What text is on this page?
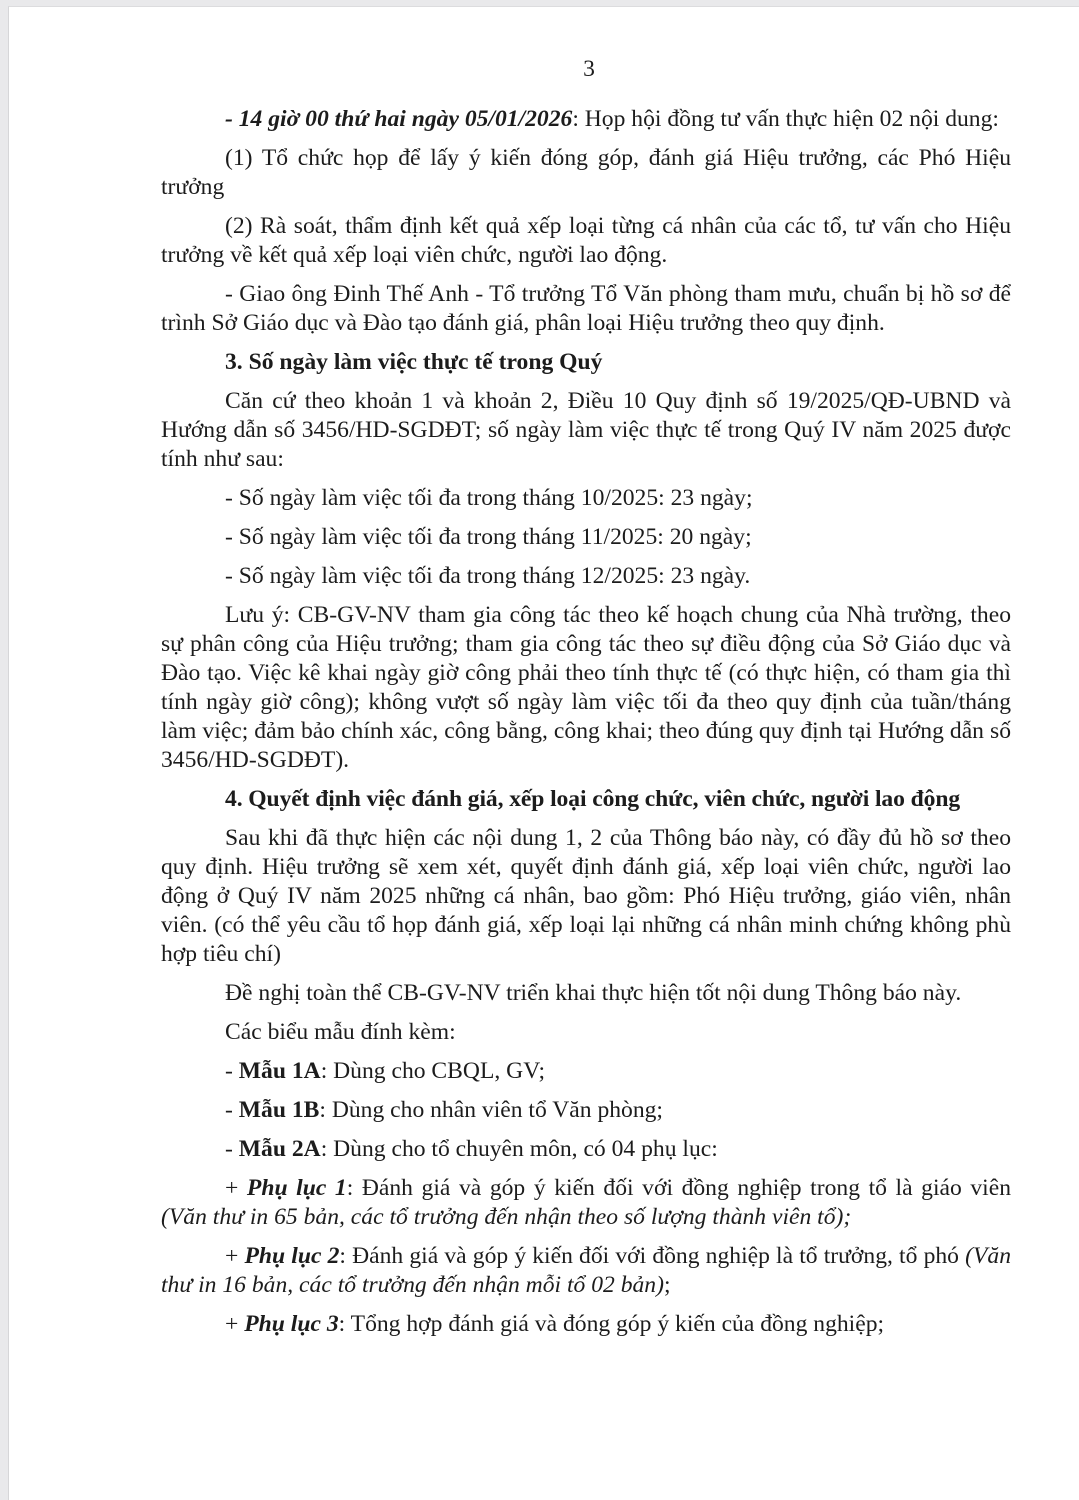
3

- 14 giờ 00 thứ hai ngày 05/01/2026: Họp hội đồng tư vấn thực hiện 02 nội dung:

(1) Tổ chức họp để lấy ý kiến đóng góp, đánh giá Hiệu trưởng, các Phó Hiệu trưởng

(2) Rà soát, thẩm định kết quả xếp loại từng cá nhân của các tổ, tư vấn cho Hiệu trưởng về kết quả xếp loại viên chức, người lao động.

- Giao ông Đinh Thế Anh - Tổ trưởng Tổ Văn phòng tham mưu, chuẩn bị hồ sơ để trình Sở Giáo dục và Đào tạo đánh giá, phân loại Hiệu trưởng theo quy định.

3. Số ngày làm việc thực tế trong Quý

Căn cứ theo khoản 1 và khoản 2, Điều 10 Quy định số 19/2025/QĐ-UBND và Hướng dẫn số 3456/HD-SGDĐT; số ngày làm việc thực tế trong Quý IV năm 2025 được tính như sau:

- Số ngày làm việc tối đa trong tháng 10/2025: 23 ngày;

- Số ngày làm việc tối đa trong tháng 11/2025: 20 ngày;

- Số ngày làm việc tối đa trong tháng 12/2025: 23 ngày.

Lưu ý: CB-GV-NV tham gia công tác theo kế hoạch chung của Nhà trường, theo sự phân công của Hiệu trưởng; tham gia công tác theo sự điều động của Sở Giáo dục và Đào tạo. Việc kê khai ngày giờ công phải theo tính thực tế (có thực hiện, có tham gia thì tính ngày giờ công); không vượt số ngày làm việc tối đa theo quy định của tuần/tháng làm việc; đảm bảo chính xác, công bằng, công khai; theo đúng quy định tại Hướng dẫn số 3456/HD-SGDĐT).

4. Quyết định việc đánh giá, xếp loại công chức, viên chức, người lao động

Sau khi đã thực hiện các nội dung 1, 2 của Thông báo này, có đầy đủ hồ sơ theo quy định. Hiệu trưởng sẽ xem xét, quyết định đánh giá, xếp loại viên chức, người lao động ở Quý IV năm 2025 những cá nhân, bao gồm: Phó Hiệu trưởng, giáo viên, nhân viên. (có thể yêu cầu tổ họp đánh giá, xếp loại lại những cá nhân minh chứng không phù hợp tiêu chí)

Đề nghị toàn thể CB-GV-NV triển khai thực hiện tốt nội dung Thông báo này.

Các biểu mẫu đính kèm:

- Mẫu 1A: Dùng cho CBQL, GV;

- Mẫu 1B: Dùng cho nhân viên tổ Văn phòng;

- Mẫu 2A: Dùng cho tổ chuyên môn, có 04 phụ lục:

+ Phụ lục 1: Đánh giá và góp ý kiến đối với đồng nghiệp trong tổ là giáo viên (Văn thư in 65 bản, các tổ trưởng đến nhận theo số lượng thành viên tổ);

+ Phụ lục 2: Đánh giá và góp ý kiến đối với đồng nghiệp là tổ trưởng, tổ phó (Văn thư in 16 bản, các tổ trưởng đến nhận mỗi tổ 02 bản);

+ Phụ lục 3: Tổng hợp đánh giá và đóng góp ý kiến của đồng nghiệp;
